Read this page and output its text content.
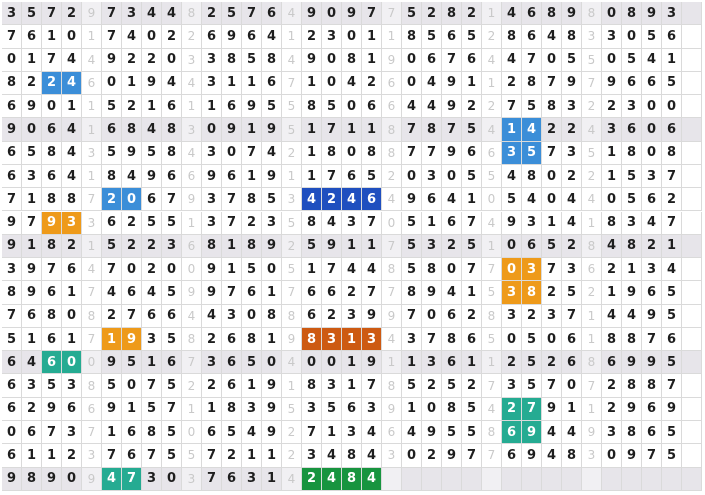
3 5 7 2 9 7 3 4 4 8 2 5 7 6 4 9 0 9 7 7 5 2 8 2 1 4 6 8 9 8 0 8 9 3
7 6 1 0 1 7 4 0 2 2 6 9 6 4 1 2 3 0 1 1 8 5 6 5 2 8 6 4 8 3 3 0 5 6
0 1 7 4 4 9 2 2 0 3 3 8 5 8 4 9 0 8 1 9 0 6 7 6 4 4 7 0 5 5 0 5 4 1
8 2 2 4 6 0 1 9 4 4 3 1 1 6 7 1 0 4 2 6 0 4 9 1 1 2 8 7 9 7 9 6 6 5
6 9 0 1 1 5 2 1 6 1 1 6 9 5 5 8 5 0 6 6 4 4 9 2 2 7 5 8 3 2 2 3 0 0
9 0 6 4 1 6 8 4 8 3 0 9 1 9 5 1 7 1 1 8 7 8 7 5 4 1 4 2 2 4 3 6 0 6
6 5 8 4 3 5 9 5 8 4 3 0 7 4 2 1 8 0 8 8 7 7 9 6 6 3 5 7 3 5 1 8 0 8
6 3 6 4 1 8 4 9 6 6 9 6 1 9 1 1 7 6 5 2 0 3 0 5 5 4 8 0 2 2 1 5 3 7
7 1 8 8 7 2 0 6 7 9 3 7 8 5 3 4 2 4 6 4 9 6 4 1 0 5 4 0 4 4 0 5 6 2
9 7 9 3 3 6 2 5 5 1 3 7 2 3 5 8 4 3 7 0 5 1 6 7 4 9 3 1 4 1 8 3 4 7
9 1 8 2 1 5 2 2 3 6 8 1 8 9 2 5 9 1 1 7 5 3 2 5 1 0 6 5 2 8 4 8 2 1
3 9 7 6 4 7 0 2 0 0 9 1 5 0 5 1 7 4 4 8 5 8 0 7 7 0 3 7 3 6 2 1 3 4
8 9 6 1 7 4 6 4 5 9 9 7 6 1 7 6 6 2 7 7 8 9 4 1 5 3 8 2 5 2 1 9 6 5
7 6 8 0 8 2 7 6 6 4 4 3 0 8 8 6 2 3 9 9 7 0 6 2 8 3 2 3 7 1 4 4 9 5
5 1 6 1 7 1 9 3 5 8 2 6 8 1 9 8 3 1 3 4 3 7 8 6 5 0 5 0 6 1 8 8 7 6
6 4 6 0 0 9 5 1 6 7 3 6 5 0 4 0 0 1 9 1 1 3 6 1 1 2 5 2 6 8 6 9 9 5
6 3 5 3 8 5 0 7 5 2 2 6 1 9 1 8 3 1 7 8 5 2 5 2 7 3 5 7 0 7 2 8 8 7
6 2 9 6 6 9 1 5 7 1 1 8 3 9 5 3 5 6 3 9 1 0 8 5 4 2 7 9 1 1 2 9 6 9
0 6 7 3 7 1 6 8 5 0 6 5 4 9 2 7 1 3 4 6 4 9 5 5 8 6 9 4 4 9 3 8 6 5
6 1 1 2 3 7 6 7 5 5 7 2 1 1 2 3 4 8 4 3 0 2 9 7 7 6 9 4 8 3 0 9 7 5
9 8 9 0 9 4 7 3 0 3 7 6 3 1 4 2 4 8 4
